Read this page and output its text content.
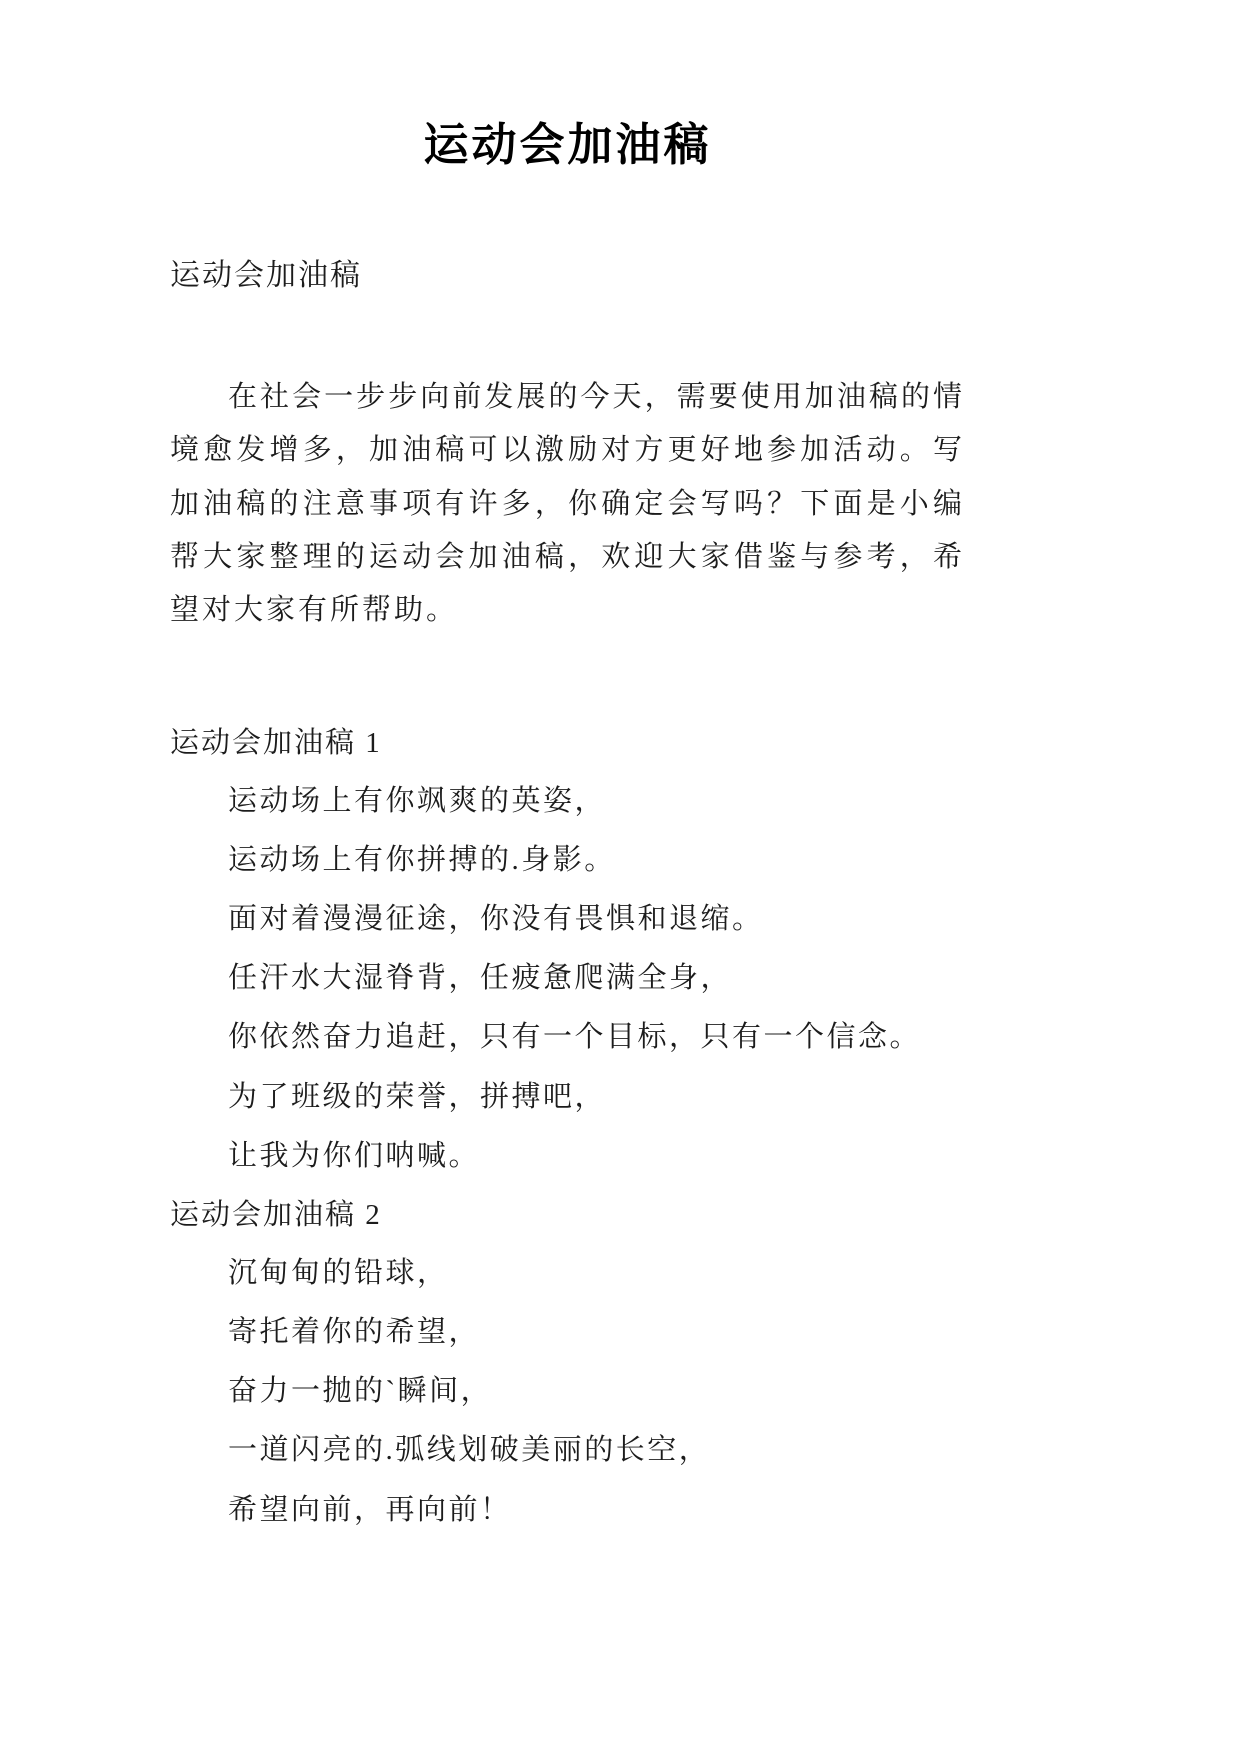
运动会加油稿
运动会加油稿

在社会一步步向前发展的今天，需要使用加油稿的情境愈发增多，加油稿可以激励对方更好地参加活动。写加油稿的注意事项有许多，你确定会写吗？下面是小编帮大家整理的运动会加油稿，欢迎大家借鉴与参考，希望对大家有所帮助。

运动会加油稿 1
运动场上有你飒爽的英姿，
运动场上有你拼搏的.身影。
面对着漫漫征途，你没有畏惧和退缩。
任汗水大湿脊背，任疲惫爬满全身，
你依然奋力追赶，只有一个目标，只有一个信念。
为了班级的荣誉，拼搏吧，
让我为你们呐喊。
运动会加油稿 2
沉甸甸的铅球，
寄托着你的希望，
奋力一抛的`瞬间，
一道闪亮的.弧线划破美丽的长空，
希望向前，再向前！
